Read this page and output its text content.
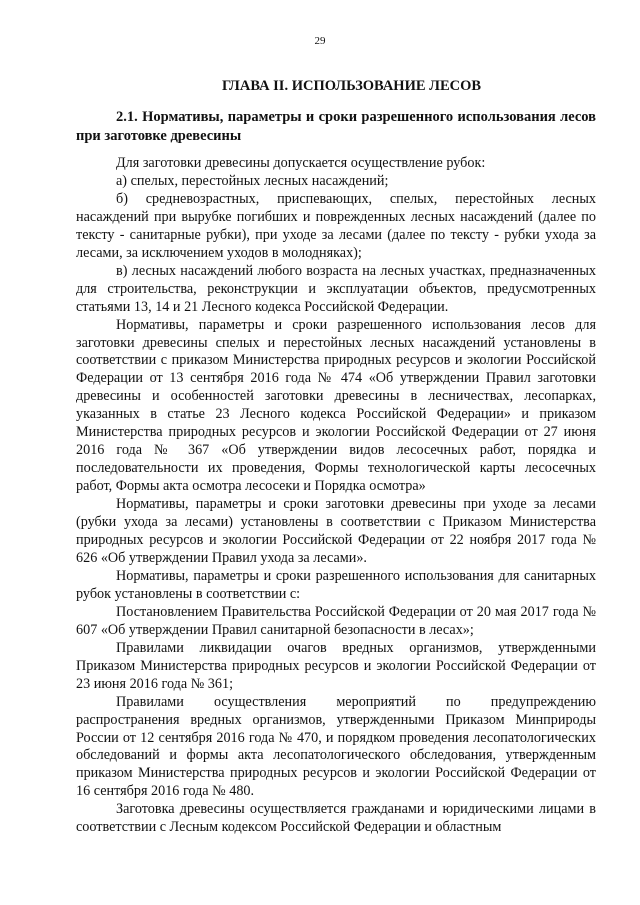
29
ГЛАВА II. ИСПОЛЬЗОВАНИЕ ЛЕСОВ
2.1. Нормативы, параметры и сроки разрешенного использования лесов при заготовке древесины

Для заготовки древесины допускается осуществление рубок:

а) спелых, перестойных лесных насаждений;

б) средневозрастных, приспевающих, спелых, перестойных лесных насаждений при вырубке погибших и поврежденных лесных насаждений (далее по тексту - санитарные рубки), при уходе за лесами (далее по тексту - рубки ухода за лесами, за исключением уходов в молодняках);

в) лесных насаждений любого возраста на лесных участках, предназначенных для строительства, реконструкции и эксплуатации объектов, предусмотренных статьями 13, 14 и 21 Лесного кодекса Российской Федерации.

Нормативы, параметры и сроки разрешенного использования лесов для заготовки древесины спелых и перестойных лесных насаждений установлены в соответствии с приказом Министерства природных ресурсов и экологии Российской Федерации от 13 сентября 2016 года № 474 «Об утверждении Правил заготовки древесины и особенностей заготовки древесины в лесничествах, лесопарках, указанных в статье 23 Лесного кодекса Российской Федерации» и приказом Министерства природных ресурсов и экологии Российской Федерации от 27 июня 2016 года № 367 «Об утверждении видов лесосечных работ, порядка и последовательности их проведения, Формы технологической карты лесосечных работ, Формы акта осмотра лесосеки и Порядка осмотра»

Нормативы, параметры и сроки заготовки древесины при уходе за лесами (рубки ухода за лесами) установлены в соответствии с Приказом Министерства природных ресурсов и экологии Российской Федерации от 22 ноября 2017 года № 626 «Об утверждении Правил ухода за лесами».

Нормативы, параметры и сроки разрешенного использования для санитарных рубок установлены в соответствии с:

Постановлением Правительства Российской Федерации от 20 мая 2017 года № 607 «Об утверждении Правил санитарной безопасности в лесах»;

Правилами ликвидации очагов вредных организмов, утвержденными Приказом Министерства природных ресурсов и экологии Российской Федерации от 23 июня 2016 года № 361;

Правилами осуществления мероприятий по предупреждению распространения вредных организмов, утвержденными Приказом Минприроды России от 12 сентября 2016 года № 470, и порядком проведения лесопатологических обследований и формы акта лесопатологического обследования, утвержденным приказом Министерства природных ресурсов и экологии Российской Федерации от 16 сентября 2016 года № 480.

Заготовка древесины осуществляется гражданами и юридическими лицами в соответствии с Лесным кодексом Российской Федерации и областным
